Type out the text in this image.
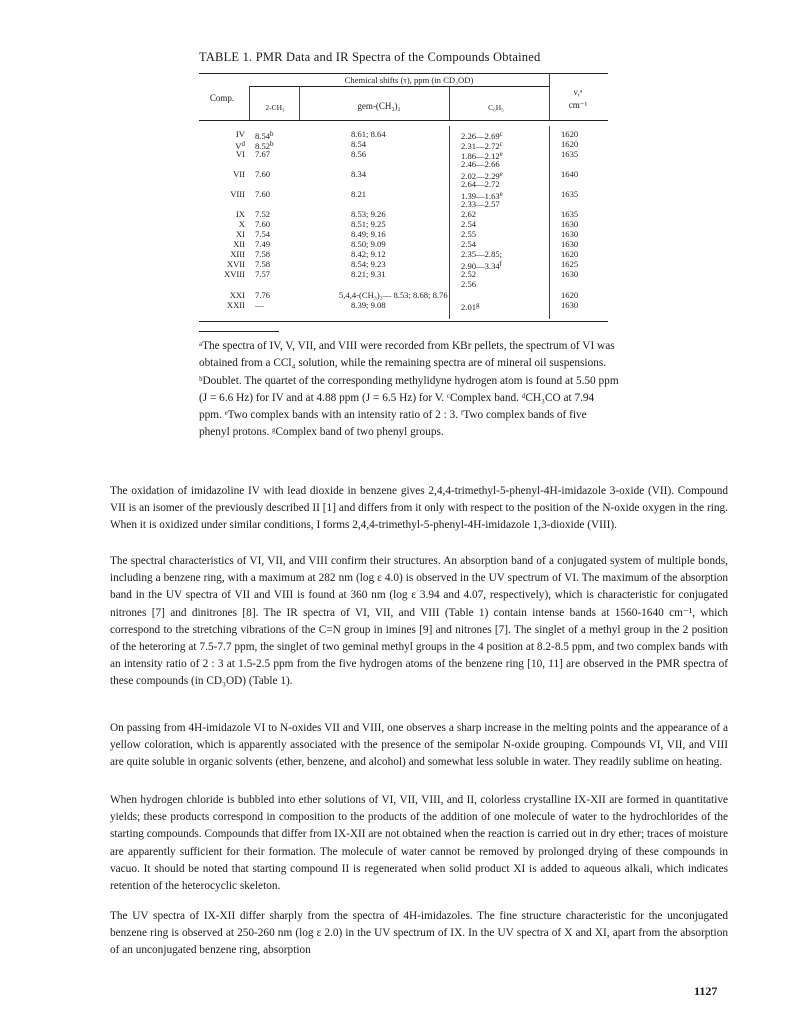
TABLE 1. PMR Data and IR Spectra of the Compounds Obtained
Chemical shifts (τ), ppm (in CD₃OD)
Comp.
2-CH₃	gem-(CH₃)₂	C₆H₅
ν,ᵃ
cm⁻¹
IV 8.54$^b$	8.61; 8.64	2.26—2.69$^c$	1620
$V^d$ 8.52$^b$	8.54	2.31—2.72$^c$	1620
VI 7.67	8.56	1.86—2.12e	1635
2.46—2.66
VII 7.60	8.34	2.02—2.29e	1640
2.64—2.72
VIII 7.60	8.21	1.39—1.63e	1635
2.33—2.57
IX 7.52	8.53; 9.26	2.62	1635
X 7.60	8.51; 9.25	2.54	1630
XI 7.54	8.49; 9.16	2.55	1630
XII 7.49	8.50; 9.09	2.54	1630
XIII 7.58	8.42; 9.12	2.35—2.85;	1620
XVII 7.58	8.54; 9.23	2.90—3.34$^f$	1625
XVIII 7.57	8.21; 9.31	2.52	1630
2.56
XXI 7.76	5,4,4-(CH₃)₃— 8.53; 8.68; 8.76	1620
XXII —	8.39; 9.08	2.01$^g$	1630
ᵃThe spectra of IV, V, VII, and VIII were recorded from KBr pellets, the spectrum of VI was obtained from a CCl₄ solution, while the remaining spectra are of mineral oil suspensions. ᵇDoublet. The quartet of the corresponding methylidyne hydrogen atom is found at 5.50 ppm (J = 6.6 Hz) for IV and at 4.88 ppm (J = 6.5 Hz) for V. ᶜComplex band. ᵈCH₃CO at 7.94 ppm. ᵉTwo complex bands with an intensity ratio of 2 : 3. ᶠTwo complex bands of five phenyl protons. ᵍComplex band of two phenyl groups.
The oxidation of imidazoline IV with lead dioxide in benzene gives 2,4,4-trimethyl-5-phenyl-4H-imidazole 3-oxide (VII). Compound VII is an isomer of the previously described II [1] and differs from it only with respect to the position of the N-oxide oxygen in the ring. When it is oxidized under similar conditions, I forms 2,4,4-trimethyl-5-phenyl-4H-imidazole 1,3-dioxide (VIII).
The spectral characteristics of VI, VII, and VIII confirm their structures. An absorption band of a conjugated system of multiple bonds, including a benzene ring, with a maximum at 282 nm (log ε 4.0) is observed in the UV spectrum of VI. The maximum of the absorption band in the UV spectra of VII and VIII is found at 360 nm (log ε 3.94 and 4.07, respectively), which is characteristic for conjugated nitrones [7] and dinitrones [8]. The IR spectra of VI, VII, and VIII (Table 1) contain intense bands at 1560-1640 cm⁻¹, which correspond to the stretching vibrations of the C=N group in imines [9] and nitrones [7]. The singlet of a methyl group in the 2 position of the heteroring at 7.5-7.7 ppm, the singlet of two geminal methyl groups in the 4 position at 8.2-8.5 ppm, and two complex bands with an intensity ratio of 2 : 3 at 1.5-2.5 ppm from the five hydrogen atoms of the benzene ring [10, 11] are observed in the PMR spectra of these compounds (in CD₃OD) (Table 1).
On passing from 4H-imidazole VI to N-oxides VII and VIII, one observes a sharp increase in the melting points and the appearance of a yellow coloration, which is apparently associated with the presence of the semipolar N-oxide grouping. Compounds VI, VII, and VIII are quite soluble in organic solvents (ether, benzene, and alcohol) and somewhat less soluble in water. They readily sublime on heating.
When hydrogen chloride is bubbled into ether solutions of VI, VII, VIII, and II, colorless crystalline IX-XII are formed in quantitative yields; these products correspond in composition to the products of the addition of one molecule of water to the hydrochlorides of the starting compounds. Compounds that differ from IX-XII are not obtained when the reaction is carried out in dry ether; traces of moisture are apparently sufficient for their formation. The molecule of water cannot be removed by prolonged drying of these compounds in vacuo. It should be noted that starting compound II is regenerated when solid product XI is added to aqueous alkali, which indicates retention of the heterocyclic skeleton.
The UV spectra of IX-XII differ sharply from the spectra of 4H-imidazoles. The fine structure characteristic for the unconjugated benzene ring is observed at 250-260 nm (log ε 2.0) in the UV spectrum of IX. In the UV spectra of X and XI, apart from the absorption of an unconjugated benzene ring, absorption
1127
